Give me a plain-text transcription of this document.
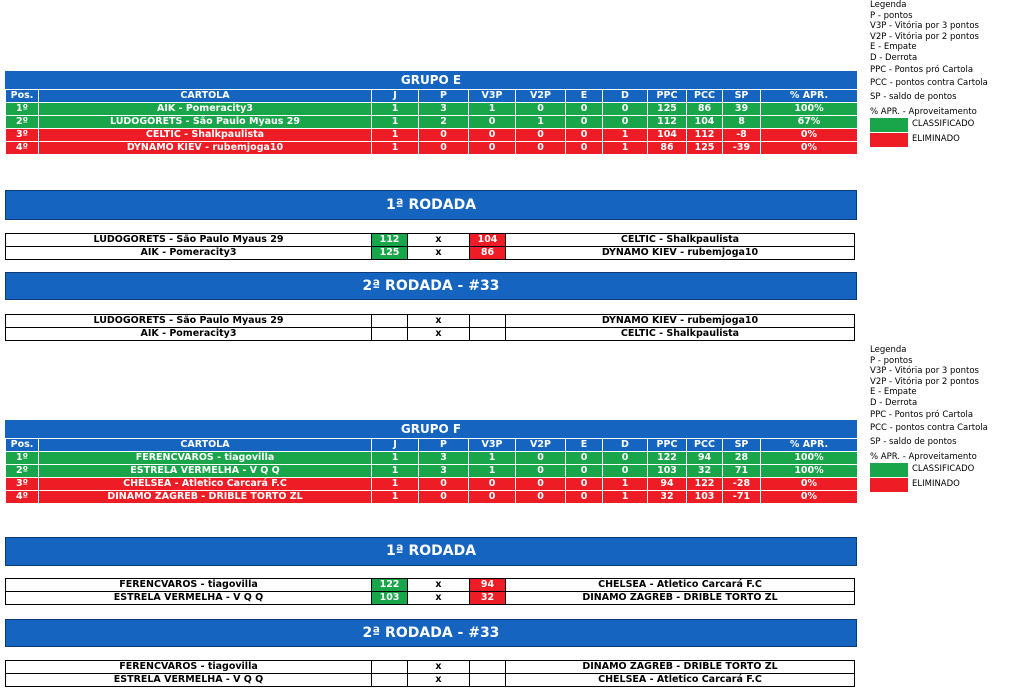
Legenda
P - pontos
V3P - Vitória por 3 pontos
V2P - Vitória por 2 pontos
E - Empate
D - Derrota
PPC - Pontos pró Cartola
PCC - pontos contra Cartola
SP - saldo de pontos
% APR. - Aproveitamento
CLASSIFICADO
ELIMINADO
Legenda
P - pontos
V3P - Vitória por 3 pontos
V2P - Vitória por 2 pontos
E - Empate
D - Derrota
PPC - Pontos pró Cartola
PCC - pontos contra Cartola
SP - saldo de pontos
% APR. - Aproveitamento
CLASSIFICADO
ELIMINADO
GRUPO E
Pos.	CARTOLA	J	P	V3P	V2P	E	D	PPC	PCC	SP	% APR.
1º	AIK - Pomeracity3	1	3	1	0	0	0	125	86	39	100%
2º	LUDOGORETS - São Paulo Myaus 29	1	2	0	1	0	0	112	104	8	67%
3º	CELTIC - Shalkpaulista	1	0	0	0	0	1	104	112	-8	0%
4º	DYNAMO KIEV - rubemjoga10	1	0	0	0	0	1	86	125	-39	0%
1ª RODADA
LUDOGORETS - São Paulo Myaus 29	112	x	104	CELTIC - Shalkpaulista
AIK - Pomeracity3	125	x	86	DYNAMO KIEV - rubemjoga10
2ª RODADA - #33
LUDOGORETS - São Paulo Myaus 29		x		DYNAMO KIEV - rubemjoga10
AIK - Pomeracity3		x		CELTIC - Shalkpaulista
GRUPO F
Pos.	CARTOLA	J	P	V3P	V2P	E	D	PPC	PCC	SP	% APR.
1º	FERENCVAROS - tiagovilla	1	3	1	0	0	0	122	94	28	100%
2º	ESTRELA VERMELHA - V Q Q	1	3	1	0	0	0	103	32	71	100%
3º	CHELSEA - Atletico Carcará F.C	1	0	0	0	0	1	94	122	-28	0%
4º	DINAMO ZAGREB - DRIBLE TORTO ZL	1	0	0	0	0	1	32	103	-71	0%
1ª RODADA
FERENCVAROS - tiagovilla	122	x	94	CHELSEA - Atletico Carcará F.C
ESTRELA VERMELHA - V Q Q	103	x	32	DINAMO ZAGREB - DRIBLE TORTO ZL
2ª RODADA - #33
FERENCVAROS - tiagovilla		x		DINAMO ZAGREB - DRIBLE TORTO ZL
ESTRELA VERMELHA - V Q Q		x		CHELSEA - Atletico Carcará F.C
